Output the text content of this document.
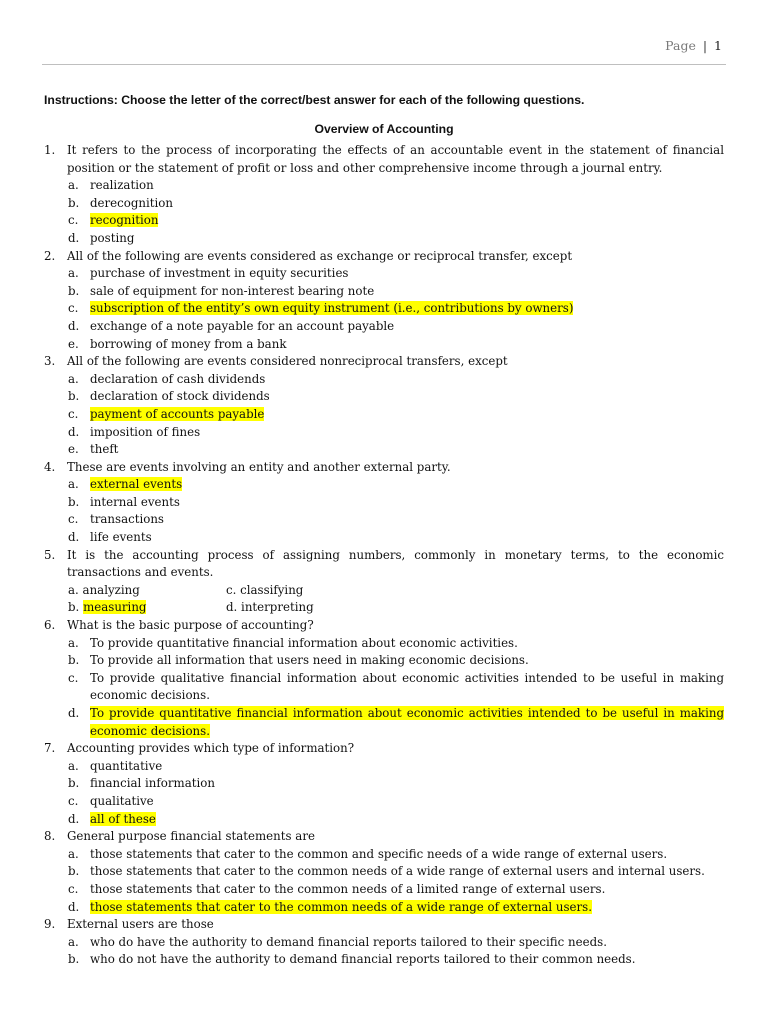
Page | 1
Instructions: Choose the letter of the correct/best answer for each of the following questions.
Overview of Accounting
1. It refers to the process of incorporating the effects of an accountable event in the statement of financial position or the statement of profit or loss and other comprehensive income through a journal entry.
a. realization
b. derecognition
c. recognition
d. posting
2. All of the following are events considered as exchange or reciprocal transfer, except
a. purchase of investment in equity securities
b. sale of equipment for non-interest bearing note
c. subscription of the entity’s own equity instrument (i.e., contributions by owners)
d. exchange of a note payable for an account payable
e. borrowing of money from a bank
3. All of the following are events considered nonreciprocal transfers, except
a. declaration of cash dividends
b. declaration of stock dividends
c. payment of accounts payable
d. imposition of fines
e. theft
4. These are events involving an entity and another external party.
a. external events
b. internal events
c. transactions
d. life events
5. It is the accounting process of assigning numbers, commonly in monetary terms, to the economic transactions and events.
a. analyzing	c. classifying
b. measuring	d. interpreting
6. What is the basic purpose of accounting?
a. To provide quantitative financial information about economic activities.
b. To provide all information that users need in making economic decisions.
c. To provide qualitative financial information about economic activities intended to be useful in making economic decisions.
d. To provide quantitative financial information about economic activities intended to be useful in making economic decisions.
7. Accounting provides which type of information?
a. quantitative
b. financial information
c. qualitative
d. all of these
8. General purpose financial statements are
a. those statements that cater to the common and specific needs of a wide range of external users.
b. those statements that cater to the common needs of a wide range of external users and internal users.
c. those statements that cater to the common needs of a limited range of external users.
d. those statements that cater to the common needs of a wide range of external users.
9. External users are those
a. who do have the authority to demand financial reports tailored to their specific needs.
b. who do not have the authority to demand financial reports tailored to their common needs.
